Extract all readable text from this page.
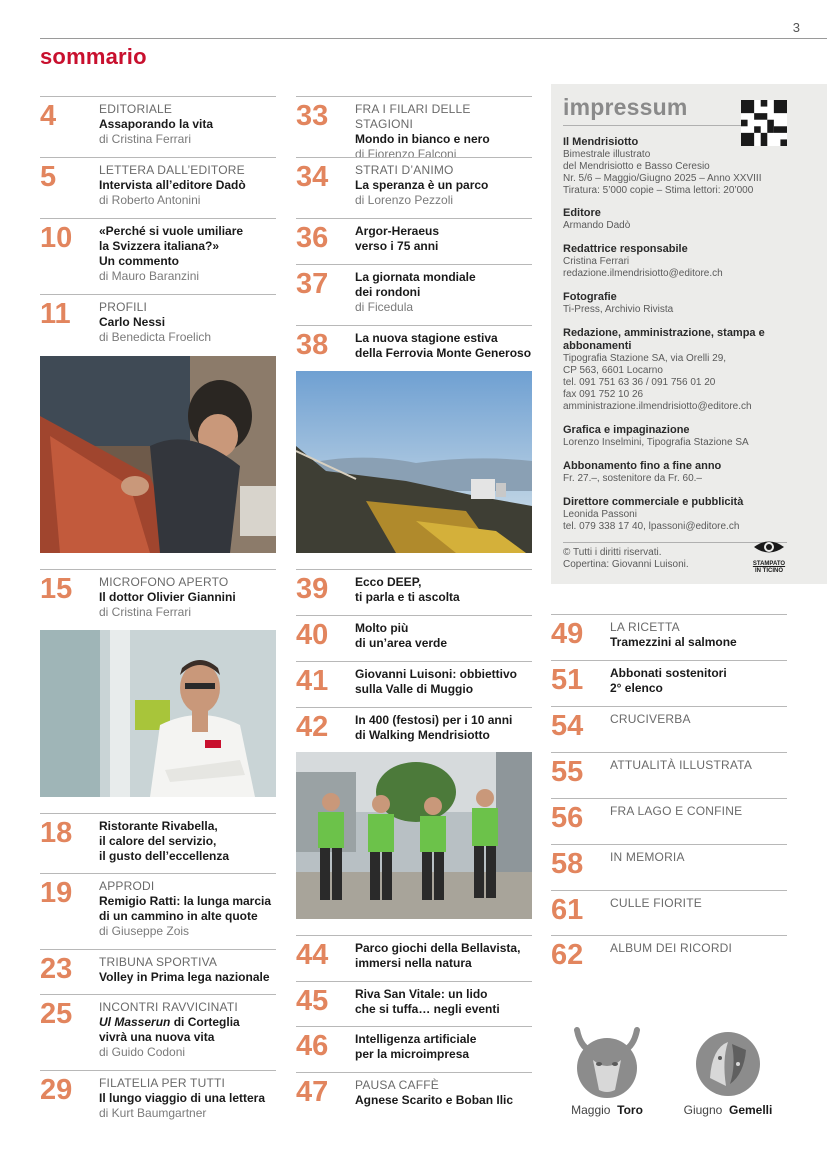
3
sommario
4	EDITORIALE
Assaporando la vita
di Cristina Ferrari
5	LETTERA DALL’EDITORE
Intervista all’editore Dadò
di Roberto Antonini
10 «Perché si vuole umiliare
la Svizzera italiana?»
Un commento
di Mauro Baranzini
11 PROFILI
Carlo Nessi
di Benedicta Froelich
15 MICROFONO APERTO
Il dottor Olivier Giannini
di Cristina Ferrari
18 Ristorante Rivabella,
il calore del servizio,
il gusto dell’eccellenza
19 APPRODI
Remigio Ratti: la lunga marcia
di un cammino in alte quote
di Giuseppe Zois
23 TRIBUNA SPORTIVA
Volley in Prima lega nazionale
25 INCONTRI RAVVICINATI
Ul Masserun di Corteglia
vivrà una nuova vita
di Guido Codoni
29 FILATELIA PER TUTTI
Il lungo viaggio di una lettera
di Kurt Baumgartner
33 FRA I FILARI DELLE STAGIONI
Mondo in bianco e nero
di Fiorenzo Falconi
34 STRATI D’ANIMO
La speranza è un parco
di Lorenzo Pezzoli
36 Argor-Heraeus
verso i 75 anni
37 La giornata mondiale
dei rondoni
di Ficedula
38 La nuova stagione estiva
della Ferrovia Monte Generoso
39 Ecco DEEP,
ti parla e ti ascolta
40 Molto più
di un’area verde
41 Giovanni Luisoni: obbiettivo
sulla Valle di Muggio
42 In 400 (festosi) per i 10 anni
di Walking Mendrisiotto
44 Parco giochi della Bellavista,
immersi nella natura
45 Riva San Vitale: un lido
che si tuffa… negli eventi
46 Intelligenza artificiale
per la microimpresa
47 PAUSA CAFFÈ
Agnese Scarito e Boban Ilic
impressum
Il Mendrisiotto
Bimestrale illustrato
del Mendrisiotto e Basso Ceresio
Nr. 5/6 – Maggio/Giugno 2025 – Anno XXVIII
Tiratura: 5’000 copie – Stima lettori: 20’000
Editore
Armando Dadò
Redattrice responsabile
Cristina Ferrari
redazione.ilmendrisiotto@editore.ch
Fotografie
Ti-Press, Archivio Rivista
Redazione, amministrazione, stampa e abbonamenti
Tipografia Stazione SA, via Orelli 29,
CP 563, 6601 Locarno
tel. 091 751 63 36 / 091 756 01 20
fax 091 752 10 26
amministrazione.ilmendrisiotto@editore.ch
Grafica e impaginazione
Lorenzo Inselmini, Tipografia Stazione SA
Abbonamento fino a fine anno
Fr. 27.–, sostenitore da Fr. 60.–
Direttore commerciale e pubblicità
Leonida Passoni
tel. 079 338 17 40, lpassoni@editore.ch
© Tutti i diritti riservati.
Copertina: Giovanni Luisoni.	STAMPATO
IN TICINO
49 LA RICETTA
Tramezzini al salmone
51 Abbonati sostenitori
2° elenco
54 CRUCIVERBA
55 ATTUALITÀ ILLUSTRATA
56 FRA LAGO E CONFINE
58 IN MEMORIA
61 CULLE FIORITE
62 ALBUM DEI RICORDI
Maggio Toro	Giugno Gemelli
